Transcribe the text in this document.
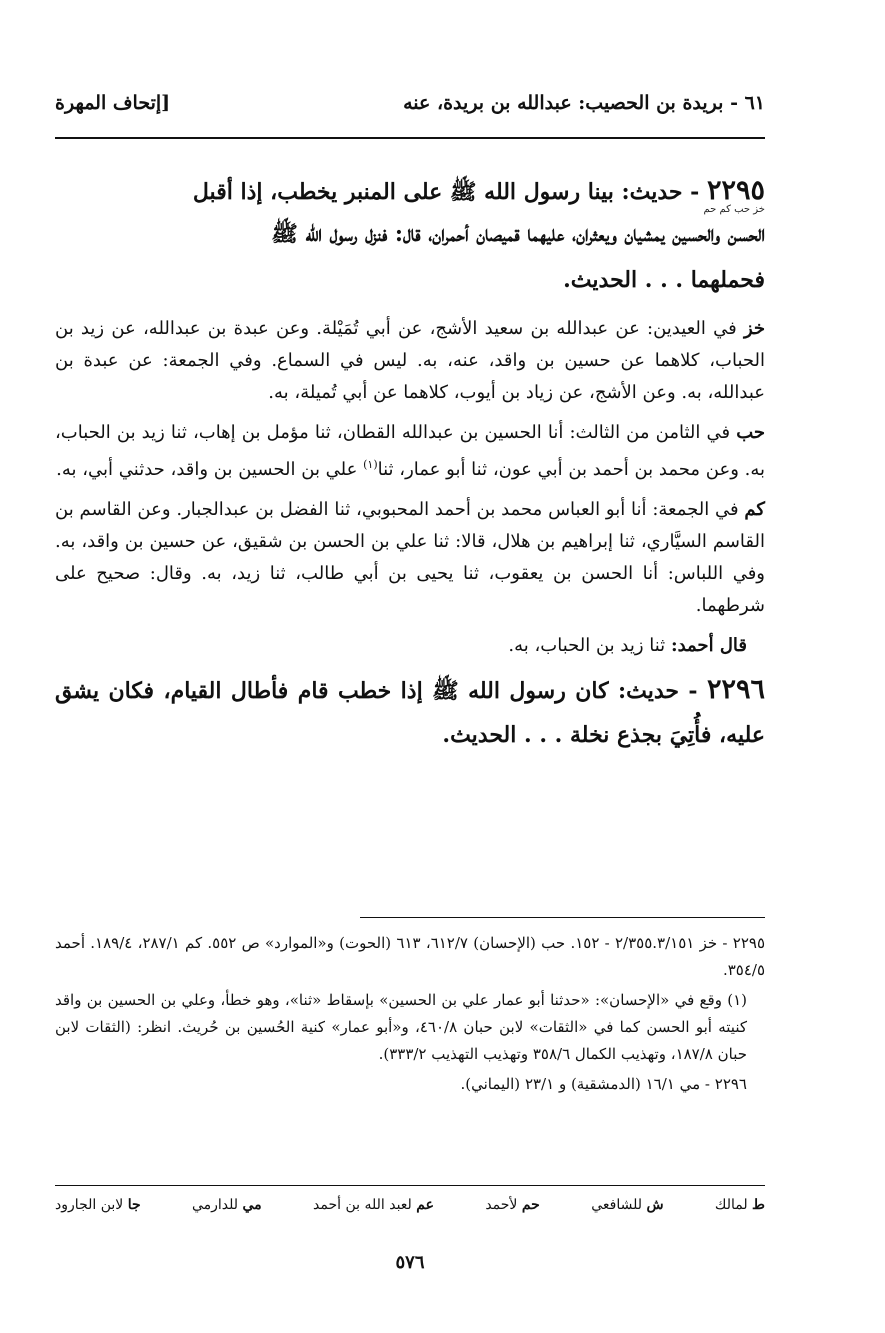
٦١ - بريدة بن الحصيب: عبدالله بن بريدة، عنه
[إتحاف المهرة

٢٢٩٥ - حديث: بينا رسول الله ﷺ على المنبر يخطب، إذا أقبل

خز حب كم حم

الحسن والحسين يمشيان ويعثران، عليهما قميصان أحمران، قال: فنزل رسول الله ﷺ

فحملهما . . . الحديث.

خز في العيدين: عن عبدالله بن سعيد الأشج، عن أبي تُمَيْلة. وعن عبدة بن عبدالله، عن زيد بن الحباب، كلاهما عن حسين بن واقد، عنه، به. ليس في السماع. وفي الجمعة: عن عبدة بن عبدالله، به. وعن الأشج، عن زياد بن أيوب، كلاهما عن أبي تُميلة، به.

حب في الثامن من الثالث: أنا الحسين بن عبدالله القطان، ثنا مؤمل بن إهاب، ثنا زيد بن الحباب، به. وعن محمد بن أحمد بن أبي عون، ثنا أبو عمار، ثنا$^{(١)}$ علي بن الحسين بن واقد، حدثني أبي، به.

كم في الجمعة: أنا أبو العباس محمد بن أحمد المحبوبي، ثنا الفضل بن عبدالجبار. وعن القاسم بن القاسم السيَّاري، ثنا إبراهيم بن هلال، قالا: ثنا علي بن الحسن بن شقيق، عن حسين بن واقد، به. وفي اللباس: أنا الحسن بن يعقوب، ثنا يحيى بن أبي طالب، ثنا زيد، به. وقال: صحيح على شرطهما.

قال أحمد: ثنا زيد بن الحباب، به.

٢٢٩٦ - حديث: كان رسول الله ﷺ إذا خطب قام فأطال القيام، فكان يشق عليه، فأُتِيَ بجذع نخلة . . . الحديث.

٢٢٩٥ - خز ٢/٣٥٥.٣/١٥١ - ١٥٢. حب (الإحسان) ٦١٢/٧، ٦١٣ (الحوت) و«الموارد» ص ٥٥٢. كم ٢٨٧/١، ١٨٩/٤. أحمد ٣٥٤/٥.

(١) وقع في «الإحسان»: «حدثنا أبو عمار علي بن الحسين» بإسقاط «ثنا»، وهو خطأ، وعلي بن الحسين بن واقد كنيته أبو الحسن كما في «الثقات» لابن حبان ٤٦٠/٨، و«أبو عمار» كنية الحُسين بن حُريث. انظر: (الثقات لابن حبان ١٨٧/٨، وتهذيب الكمال ٣٥٨/٦ وتهذيب التهذيب ٣٣٣/٢).

٢٢٩٦ - مي ١٦/١ (الدمشقية) و ٢٣/١ (اليماني).

ط لمالك
ش للشافعي
حم لأحمد
عم لعبد الله بن أحمد
مي للدارمي
جا لابن الجارود
٥٧٦
